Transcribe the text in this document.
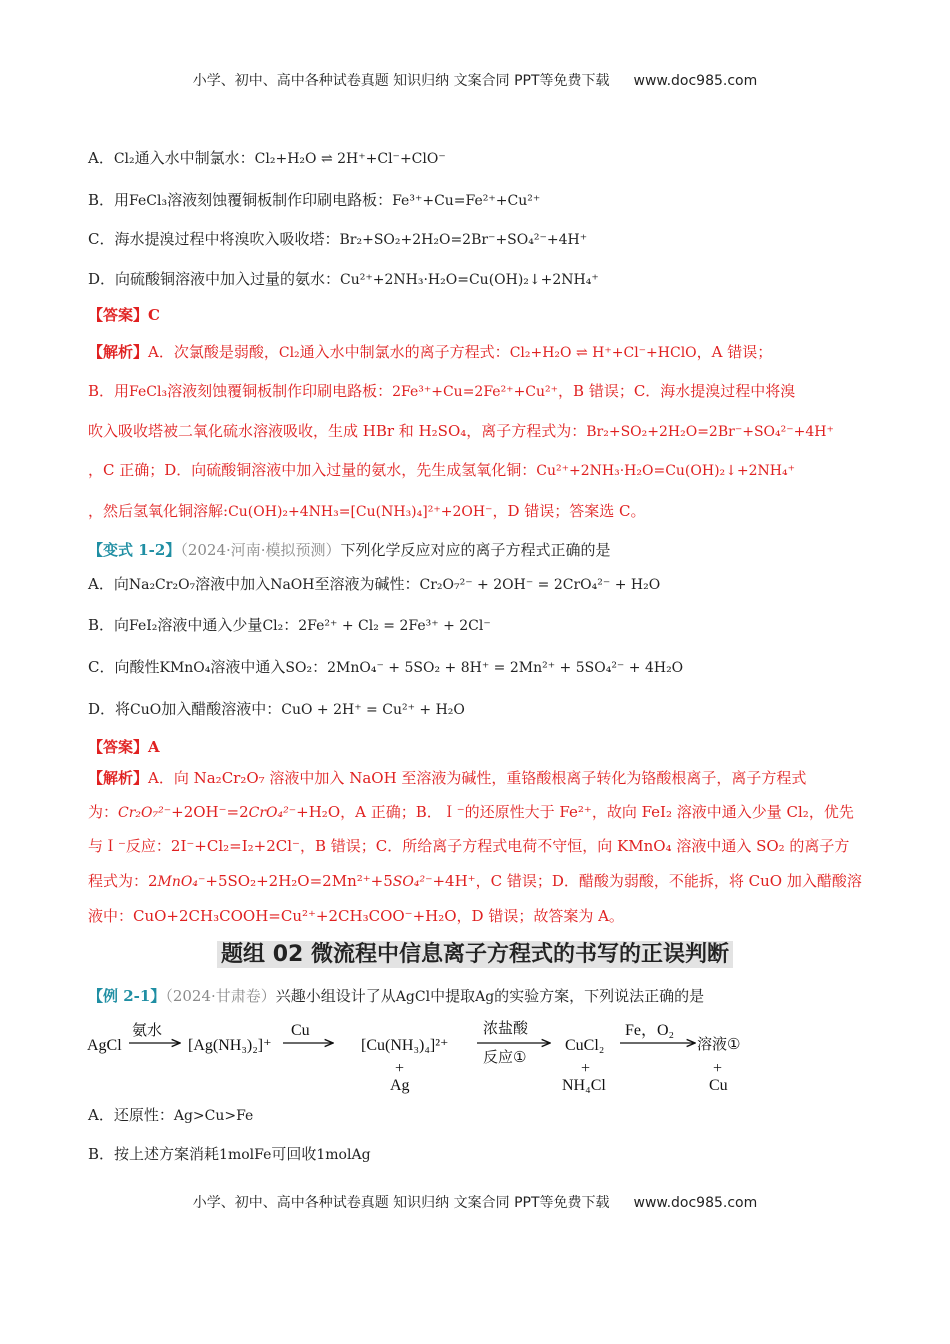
小学、初中、高中各种试卷真题 知识归纳 文案合同 PPT等免费下载 www.doc985.com
A．Cl₂通入水中制氯水：Cl₂+H₂O ⇌ 2H⁺+Cl⁻+ClO⁻
B．用FeCl₃溶液刻蚀覆铜板制作印刷电路板：Fe³⁺+Cu=Fe²⁺+Cu²⁺
C．海水提溴过程中将溴吹入吸收塔：Br₂+SO₂+2H₂O=2Br⁻+SO₄²⁻+4H⁺
D．向硫酸铜溶液中加入过量的氨水：Cu²⁺+2NH₃·H₂O=Cu(OH)₂↓+2NH₄⁺
【答案】C
【解析】A．次氯酸是弱酸，Cl₂通入水中制氯水的离子方程式：Cl₂+H₂O ⇌ H⁺+Cl⁻+HClO，A 错误；
B．用FeCl₃溶液刻蚀覆铜板制作印刷电路板：2Fe³⁺+Cu=2Fe²⁺+Cu²⁺，B 错误；C．海水提溴过程中将溴
吹入吸收塔被二氧化硫水溶液吸收，生成 HBr 和 H₂SO₄，离子方程式为：Br₂+SO₂+2H₂O=2Br⁻+SO₄²⁻+4H⁺
，C 正确；D．向硫酸铜溶液中加入过量的氨水，先生成氢氧化铜：Cu²⁺+2NH₃·H₂O=Cu(OH)₂↓+2NH₄⁺
，然后氢氧化铜溶解:Cu(OH)₂+4NH₃=[Cu(NH₃)₄]²⁺+2OH⁻，D 错误；答案选 C。
【变式 1-2】（2024·河南·模拟预测）下列化学反应对应的离子方程式正确的是
A．向Na₂Cr₂O₇溶液中加入NaOH至溶液为碱性：Cr₂O₇²⁻ + 2OH⁻ = 2CrO₄²⁻ + H₂O
B．向FeI₂溶液中通入少量Cl₂：2Fe²⁺ + Cl₂ = 2Fe³⁺ + 2Cl⁻
C．向酸性KMnO₄溶液中通入SO₂：2MnO₄⁻ + 5SO₂ + 8H⁺ = 2Mn²⁺ + 5SO₄²⁻ + 4H₂O
D．将CuO加入醋酸溶液中：CuO + 2H⁺ = Cu²⁺ + H₂O
【答案】A
【解析】A．向 Na₂Cr₂O₇ 溶液中加入 NaOH 至溶液为碱性，重铬酸根离子转化为铬酸根离子，离子方程式
为：Cr₂O₇²⁻+2OH⁻=2CrO₄²⁻+H₂O，A 正确；B．Ｉ⁻的还原性大于 Fe²⁺，故向 FeI₂ 溶液中通入少量 Cl₂，优先
与Ｉ⁻反应：2I⁻+Cl₂=I₂+2Cl⁻，B 错误；C．所给离子方程式电荷不守恒，向 KMnO₄ 溶液中通入 SO₂ 的离子方
程式为：2MnO₄⁻+5SO₂+2H₂O=2Mn²⁺+5SO₄²⁻+4H⁺，C 错误；D．醋酸为弱酸，不能拆，将 CuO 加入醋酸溶
液中：CuO+2CH₃COOH=Cu²⁺+2CH₃COO⁻+H₂O，D 错误；故答案为 A。
题组 02 微流程中信息离子方程式的书写的正误判断
【例 2-1】（2024·甘肃卷）兴趣小组设计了从AgCl中提取Ag的实验方案，下列说法正确的是
AgCl
氨水
[Ag(NH₃)₂]⁺
Cu
[Cu(NH₃)₄]²⁺
+
Ag
浓盐酸
反应①
CuCl₂
+
NH₄Cl
Fe，O₂
溶液①
+
Cu
A．还原性：Ag>Cu>Fe
B．按上述方案消耗1molFe可回收1molAg
小学、初中、高中各种试卷真题 知识归纳 文案合同 PPT等免费下载 www.doc985.com
